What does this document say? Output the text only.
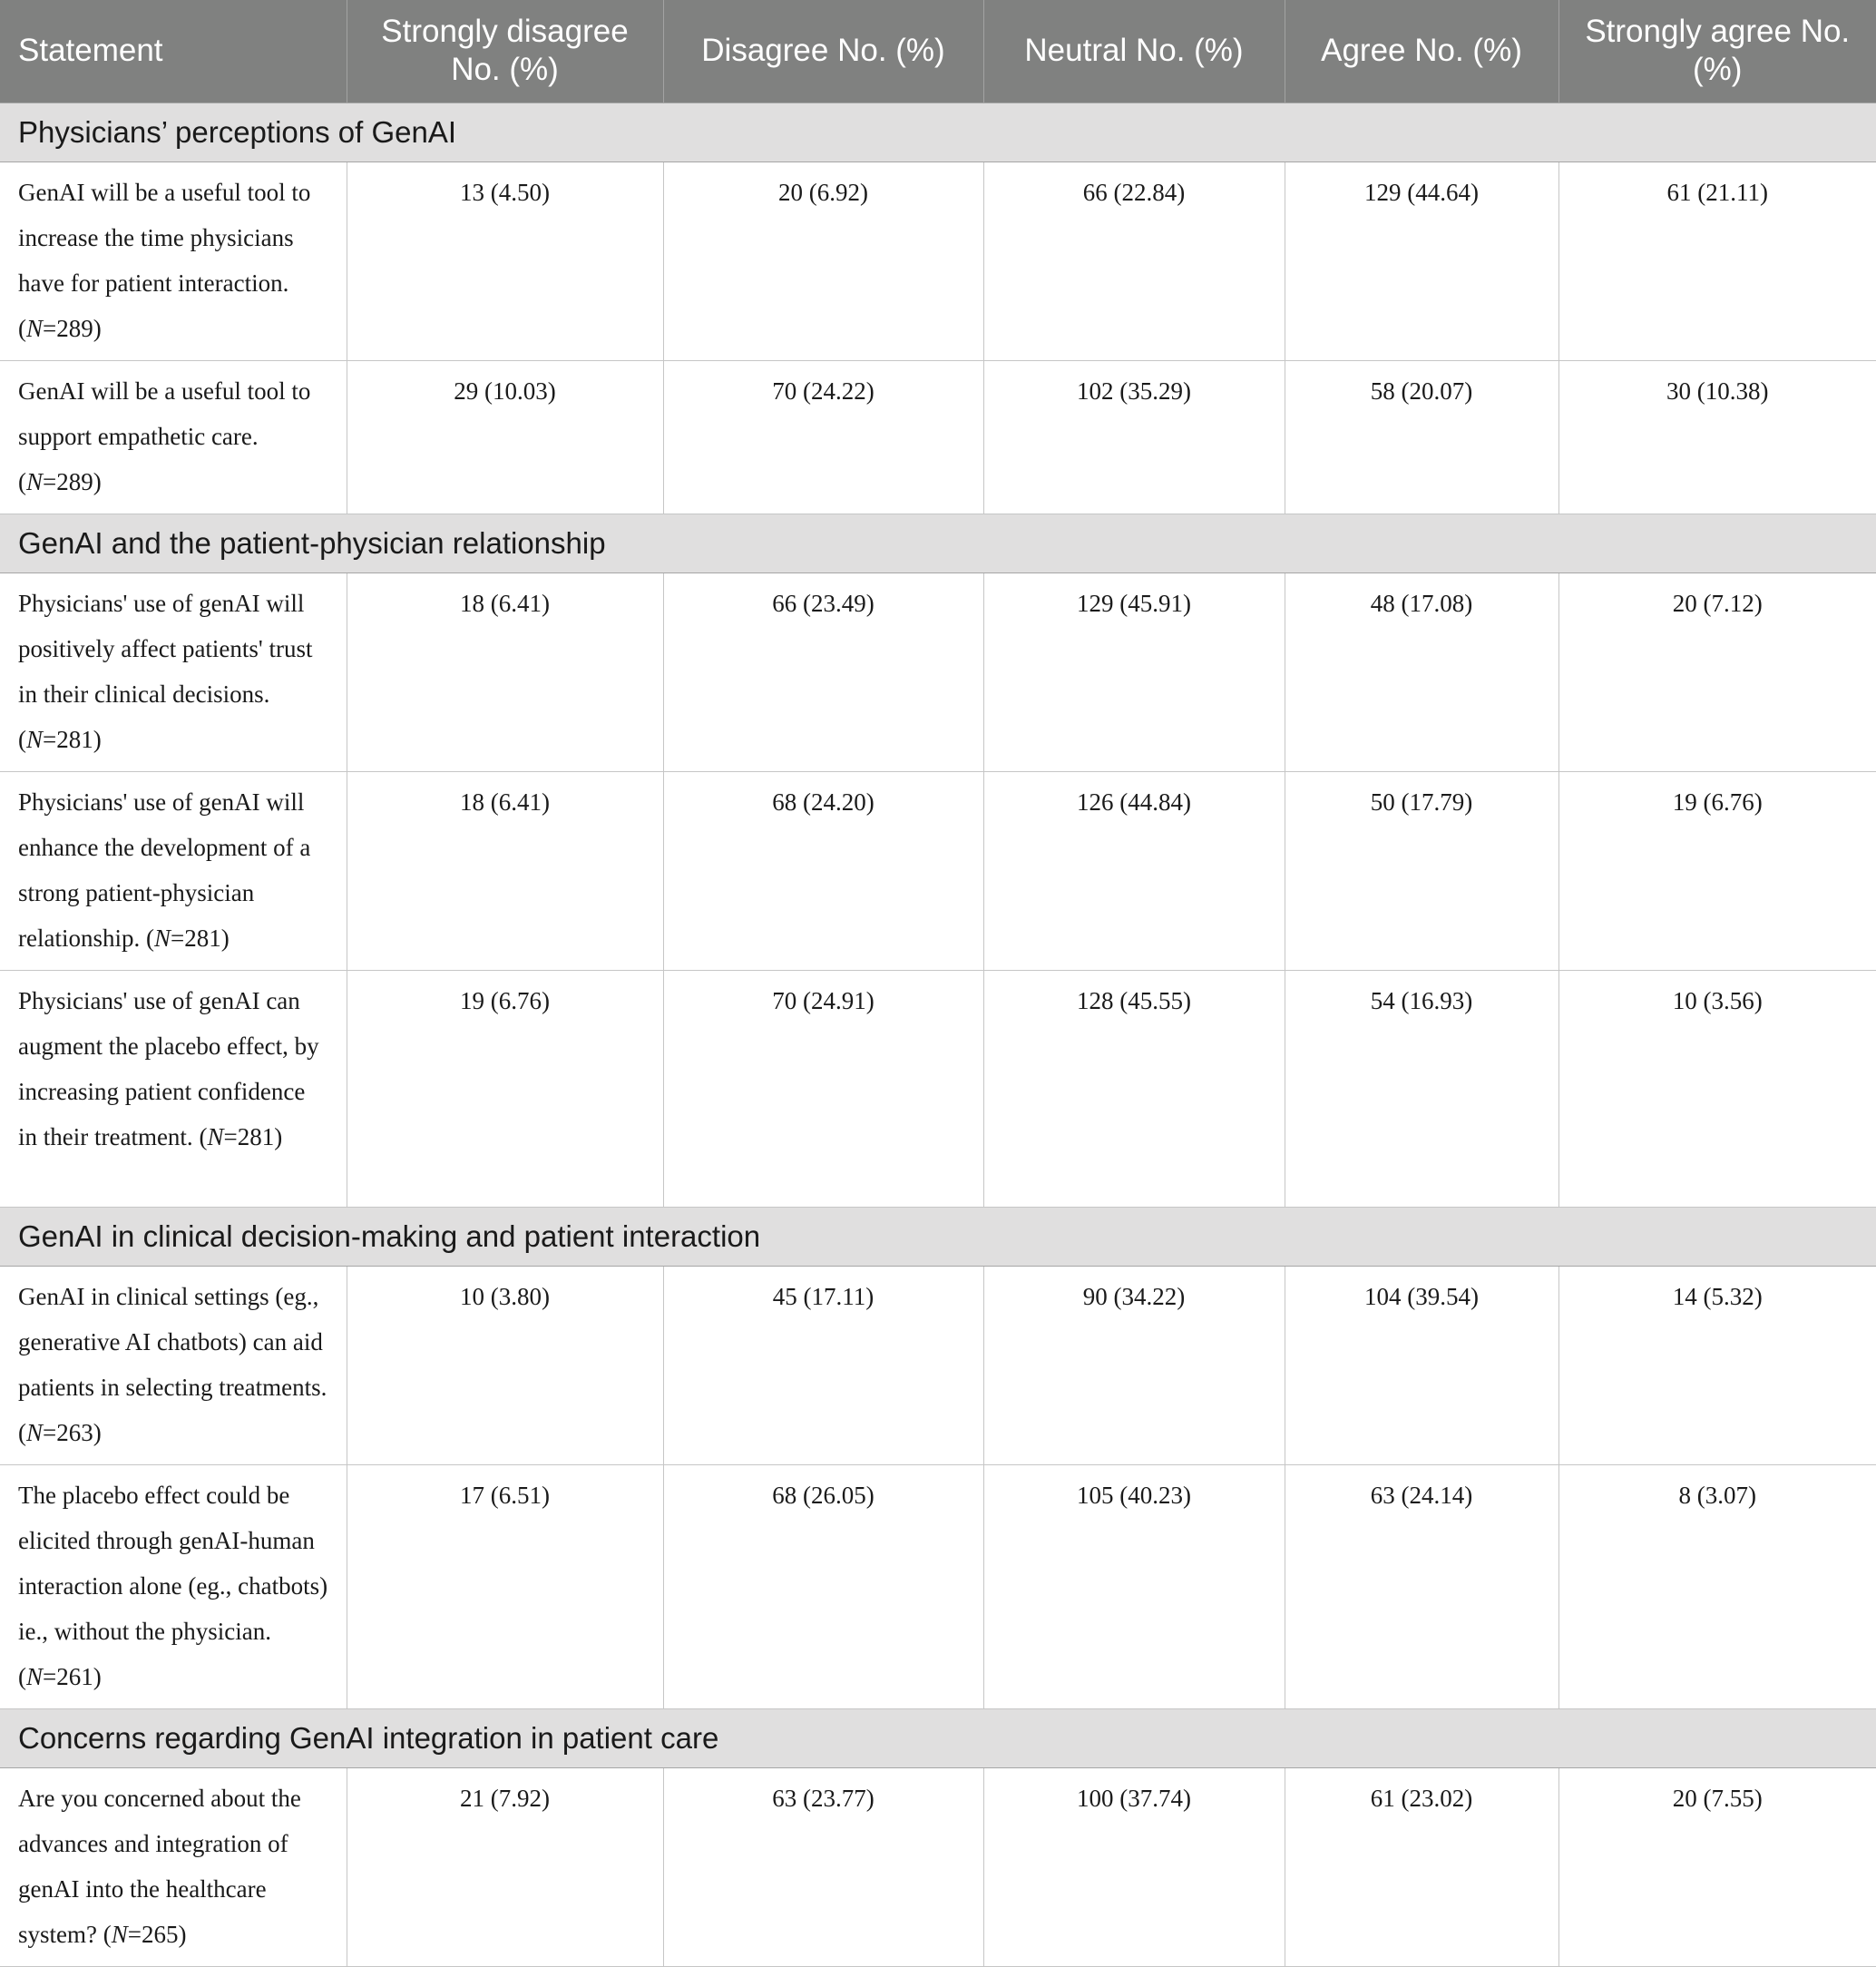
Statement	Strongly disagree No. (%)	Disagree No. (%)	Neutral No. (%)	Agree No. (%)	Strongly agree No. (%)
Physicians’ perceptions of GenAI					
GenAI will be a useful tool to increase the time physicians have for patient interaction. (N=289)	13 (4.50)	20 (6.92)	66 (22.84)	129 (44.64)	61 (21.11)
GenAI will be a useful tool to support empathetic care. (N=289)	29 (10.03)	70 (24.22)	102 (35.29)	58 (20.07)	30 (10.38)
GenAI and the patient-physician relationship					
Physicians' use of genAI will positively affect patients' trust in their clinical decisions. (N=281)	18 (6.41)	66 (23.49)	129 (45.91)	48 (17.08)	20 (7.12)
Physicians' use of genAI will enhance the development of a strong patient-physician relationship. (N=281)	18 (6.41)	68 (24.20)	126 (44.84)	50 (17.79)	19 (6.76)
Physicians' use of genAI can augment the placebo effect, by increasing patient confidence in their treatment. (N=281)	19 (6.76)	70 (24.91)	128 (45.55)	54 (16.93)	10 (3.56)
GenAI in clinical decision-making and patient interaction					
GenAI in clinical settings (eg., generative AI chatbots) can aid patients in selecting treatments. (N=263)	10 (3.80)	45 (17.11)	90 (34.22)	104 (39.54)	14 (5.32)
The placebo effect could be elicited through genAI-human interaction alone (eg., chatbots) ie., without the physician. (N=261)	17 (6.51)	68 (26.05)	105 (40.23)	63 (24.14)	8 (3.07)
Concerns regarding GenAI integration in patient care					
Are you concerned about the advances and integration of genAI into the healthcare system? (N=265)	21 (7.92)	63 (23.77)	100 (37.74)	61 (23.02)	20 (7.55)
